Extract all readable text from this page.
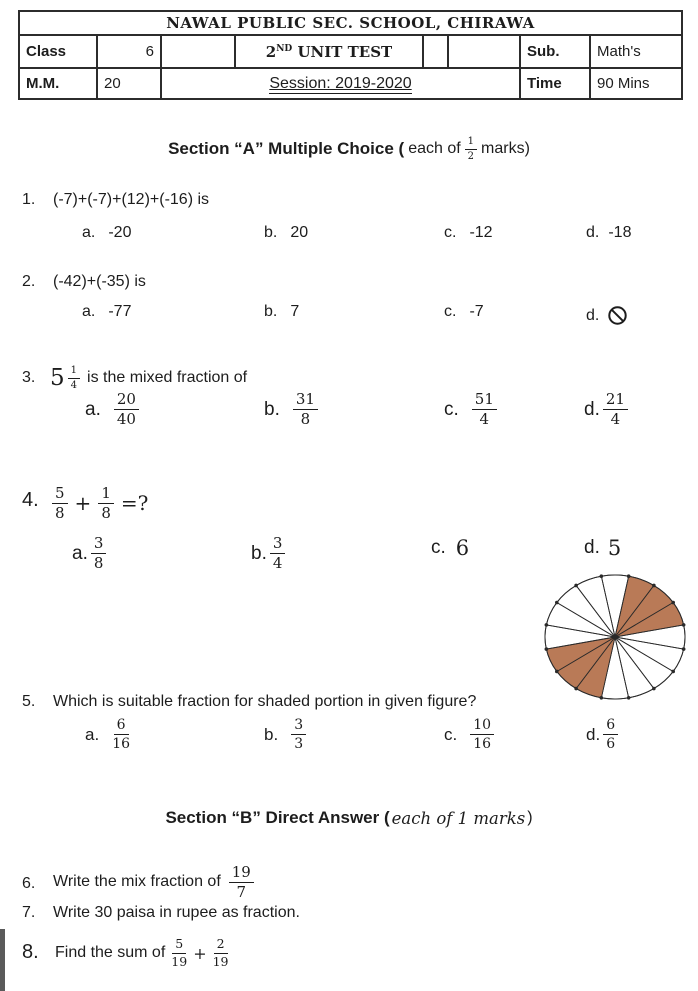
NAWAL PUBLIC SEC. SCHOOL, CHIRAWA							
Class	6		2ND UNIT TEST			Sub.	Math's
M.M.	20	Session: 2019-2020				Time	90 Mins
Section “A” Multiple Choice ( each of $\frac{1}{2}$ marks)
1. (-7)+(-7)+(12)+(-16) is
a. -20	b. 20	c. -12	d. -18
2. (-42)+(-35) is
a. -77	b. 7	c. -7	d.
3. $5 \frac{1}{4}$ is the mixed fraction of
a. $\frac{20}{40}$	b. $\frac{31}{8}$	c. $\frac{51}{4}$	d. $\frac{21}{4}$
4. $\frac{5}{8} + \frac{1}{8}$ =?
a. $\frac{3}{8}$	b. $\frac{3}{4}$	c. 6	d. 5
5. Which is suitable fraction for shaded portion in given figure?
a. $\frac{6}{16}$	b. $\frac{3}{3}$	c. $\frac{10}{16}$	d. $\frac{6}{6}$
Section “B” Direct Answer ( each of 1 marks )
6. Write the mix fraction of $\frac{19}{7}$
7. Write 30 paisa in rupee as fraction.
8. Find the sum of $\frac{5}{19} + \frac{2}{19}$
